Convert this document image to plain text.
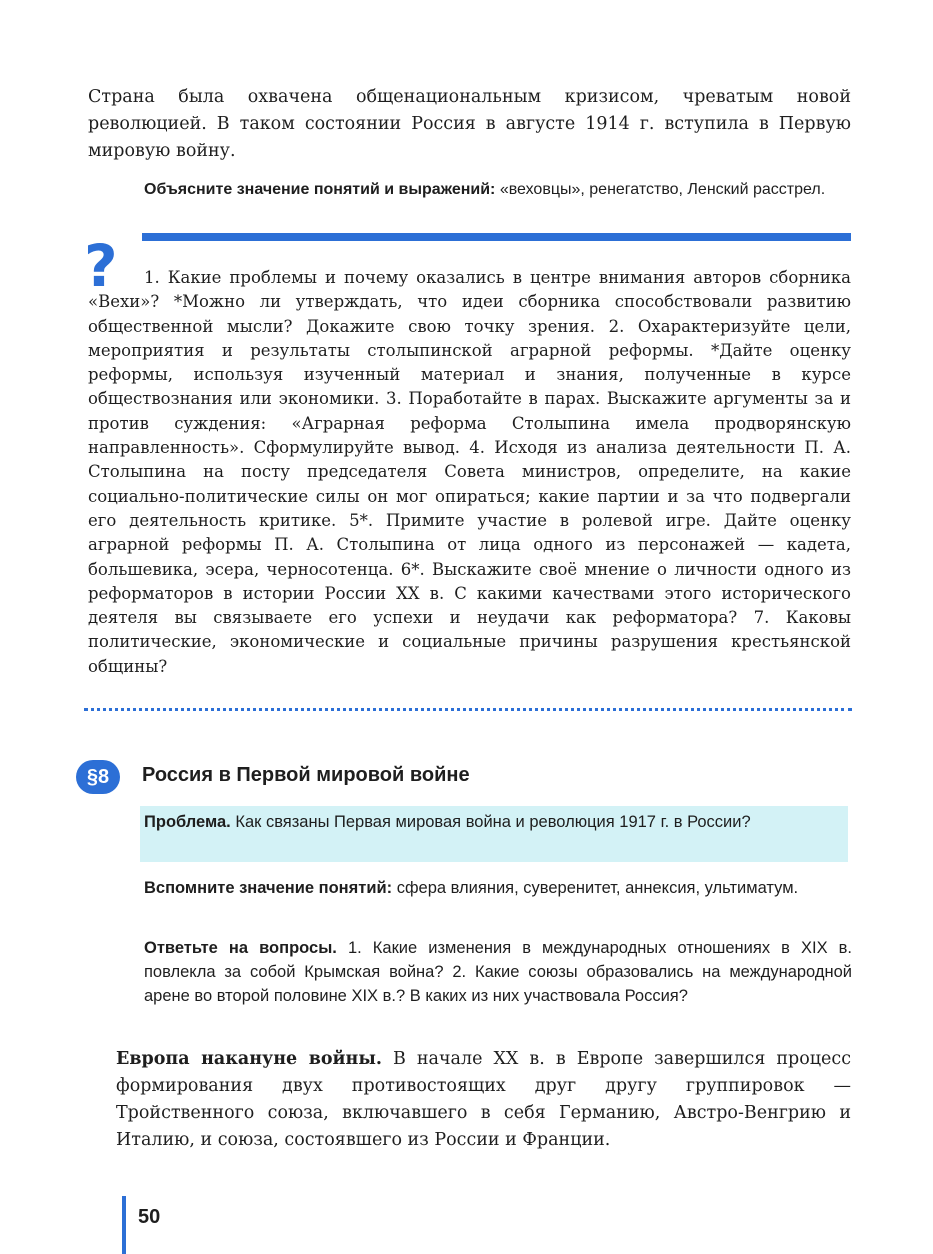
Страна была охвачена общенациональным кризисом, чреватым новой революцией. В таком состоянии Россия в августе 1914 г. вступила в Первую мировую войну.
Объясните значение понятий и выражений: «веховцы», ренегатство, Ленский расстрел.
?	1. Какие проблемы и почему оказались в центре внимания авторов сборника «Вехи»? *Можно ли утверждать, что идеи сборника способствовали развитию общественной мысли? Докажите свою точку зрения. 2. Охарактеризуйте цели, мероприятия и результаты столыпинской аграрной реформы. *Дайте оценку реформы, используя изученный материал и знания, полученные в курсе обществознания или экономики. 3. Поработайте в парах. Выскажите аргументы за и против суждения: «Аграрная реформа Столыпина имела продворянскую направленность». Сформулируйте вывод. 4. Исходя из анализа деятельности П. А. Столыпина на посту председателя Совета министров, определите, на какие социально-политические силы он мог опираться; какие партии и за что подвергали его деятельность критике. 5*. Примите участие в ролевой игре. Дайте оценку аграрной реформы П. А. Столыпина от лица одного из персонажей — кадета, большевика, эсера, черносотенца. 6*. Выскажите своё мнение о личности одного из реформаторов в истории России XX в. С какими качествами этого исторического деятеля вы связываете его успехи и неудачи как реформатора? 7. Каковы политические, экономические и социальные причины разрушения крестьянской общины?
§8	Россия в Первой мировой войне
Проблема. Как связаны Первая мировая война и революция 1917 г. в России?
Вспомните значение понятий: сфера влияния, суверенитет, аннексия, ультиматум.
Ответьте на вопросы. 1. Какие изменения в международных отношениях в XIX в. повлекла за собой Крымская война? 2. Какие союзы образовались на международной арене во второй половине XIX в.? В каких из них участвовала Россия?
Европа накануне войны. В начале XX в. в Европе завершился процесс формирования двух противостоящих друг другу группировок — Тройственного союза, включавшего в себя Германию, Австро-Венгрию и Италию, и союза, состоявшего из России и Франции.
50
